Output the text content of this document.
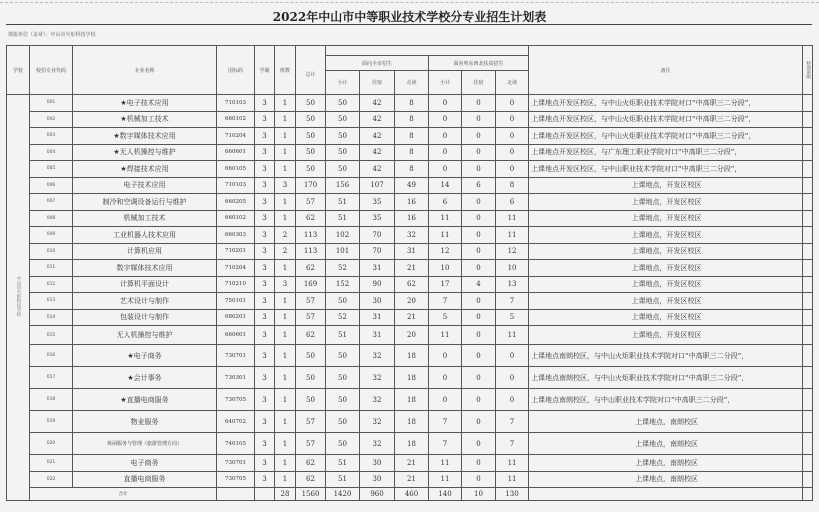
2022年中山市中等职业技术学校分专业招生计划表
填报单位（盖章）：中山市火炬科技学校
学校	校招专业代码	专业名称	国标码	学制	班数								备注	特别说明
						总计	面向全市招生			面向粤东西北扶贫招生				
							小计	住宿	走读	小计	住宿	走读		
中山市火炬科技学校	001	★电子技术应用	710103	3	1	50	50	42	8	0	0	0	上课地点开发区校区，与中山火炬职业技术学院对口“中高职三二分段”，	
	002	★机械加工技术	660102	3	1	50	50	42	8	0	0	0	上课地点开发区校区，与中山火炬职业技术学院对口“中高职三二分段”，	
	003	★数字媒体技术应用	710204	3	1	50	50	42	8	0	0	0	上课地点开发区校区，与中山火炬职业技术学院对口“中高职三二分段”，	
	004	★无人机操控与维护	660601	3	1	50	50	42	8	0	0	0	上课地点开发区校区，与广东理工职业学院对口“中高职三二分段”，	
	005	★焊接技术应用	660105	3	1	50	50	42	8	0	0	0	上课地点开发区校区，与中山职业技术学院对口“中高职三二分段”，	
	006	电子技术应用	710103	3	3	170	156	107	49	14	6	8	上课地点，开发区校区	
	007	制冷和空调设备运行与维护	660205	3	1	57	51	35	16	6	0	6	上课地点，开发区校区	
	008	机械加工技术	660102	3	1	62	51	35	16	11	0	11	上课地点，开发区校区	
	009	工业机器人技术应用	660303	3	2	113	102	70	32	11	0	11	上课地点，开发区校区	
	010	计算机应用	710201	3	2	113	101	70	31	12	0	12	上课地点，开发区校区	
	011	数字媒体技术应用	710204	3	1	62	52	31	21	10	0	10	上课地点，开发区校区	
	012	计算机平面设计	710210	3	3	169	152	90	62	17	4	13	上课地点，开发区校区	
	013	艺术设计与制作	750101	3	1	57	50	30	20	7	0	7	上课地点，开发区校区	
	014	包装设计与制作	680201	3	1	57	52	31	21	5	0	5	上课地点，开发区校区	
	015	无人机操控与维护	660601	3	1	62	51	31	20	11	0	11	上课地点，开发区校区	
	016	★电子商务	730701	3	1	50	50	32	18	0	0	0	上课地点南朗校区，与中山火炬职业技术学院对口“中高职三二分段”，	
	017	★会计事务	730301	3	1	50	50	32	18	0	0	0	上课地点南朗校区，与中山火炬职业技术学院对口“中高职三二分段”，	
	018	★直播电商服务	730705	3	1	50	50	32	18	0	0	0	上课地点南朗校区，与中山职业技术学院对口“中高职三二分段”，	
	019	物业服务	640702	3	1	57	50	32	18	7	0	7	上课地点，南朗校区	
	020	休闲服务与管理（旅游管理方向）	740105	3	1	57	50	32	18	7	0	7	上课地点，南朗校区	
	021	电子商务	730701	3	1	62	51	30	21	11	0	11	上课地点，南朗校区	
	022	直播电商服务	730705	3	1	62	51	30	21	11	0	11	上课地点，南朗校区	
	合计				28	1560	1420	960	460	140	10	130		
